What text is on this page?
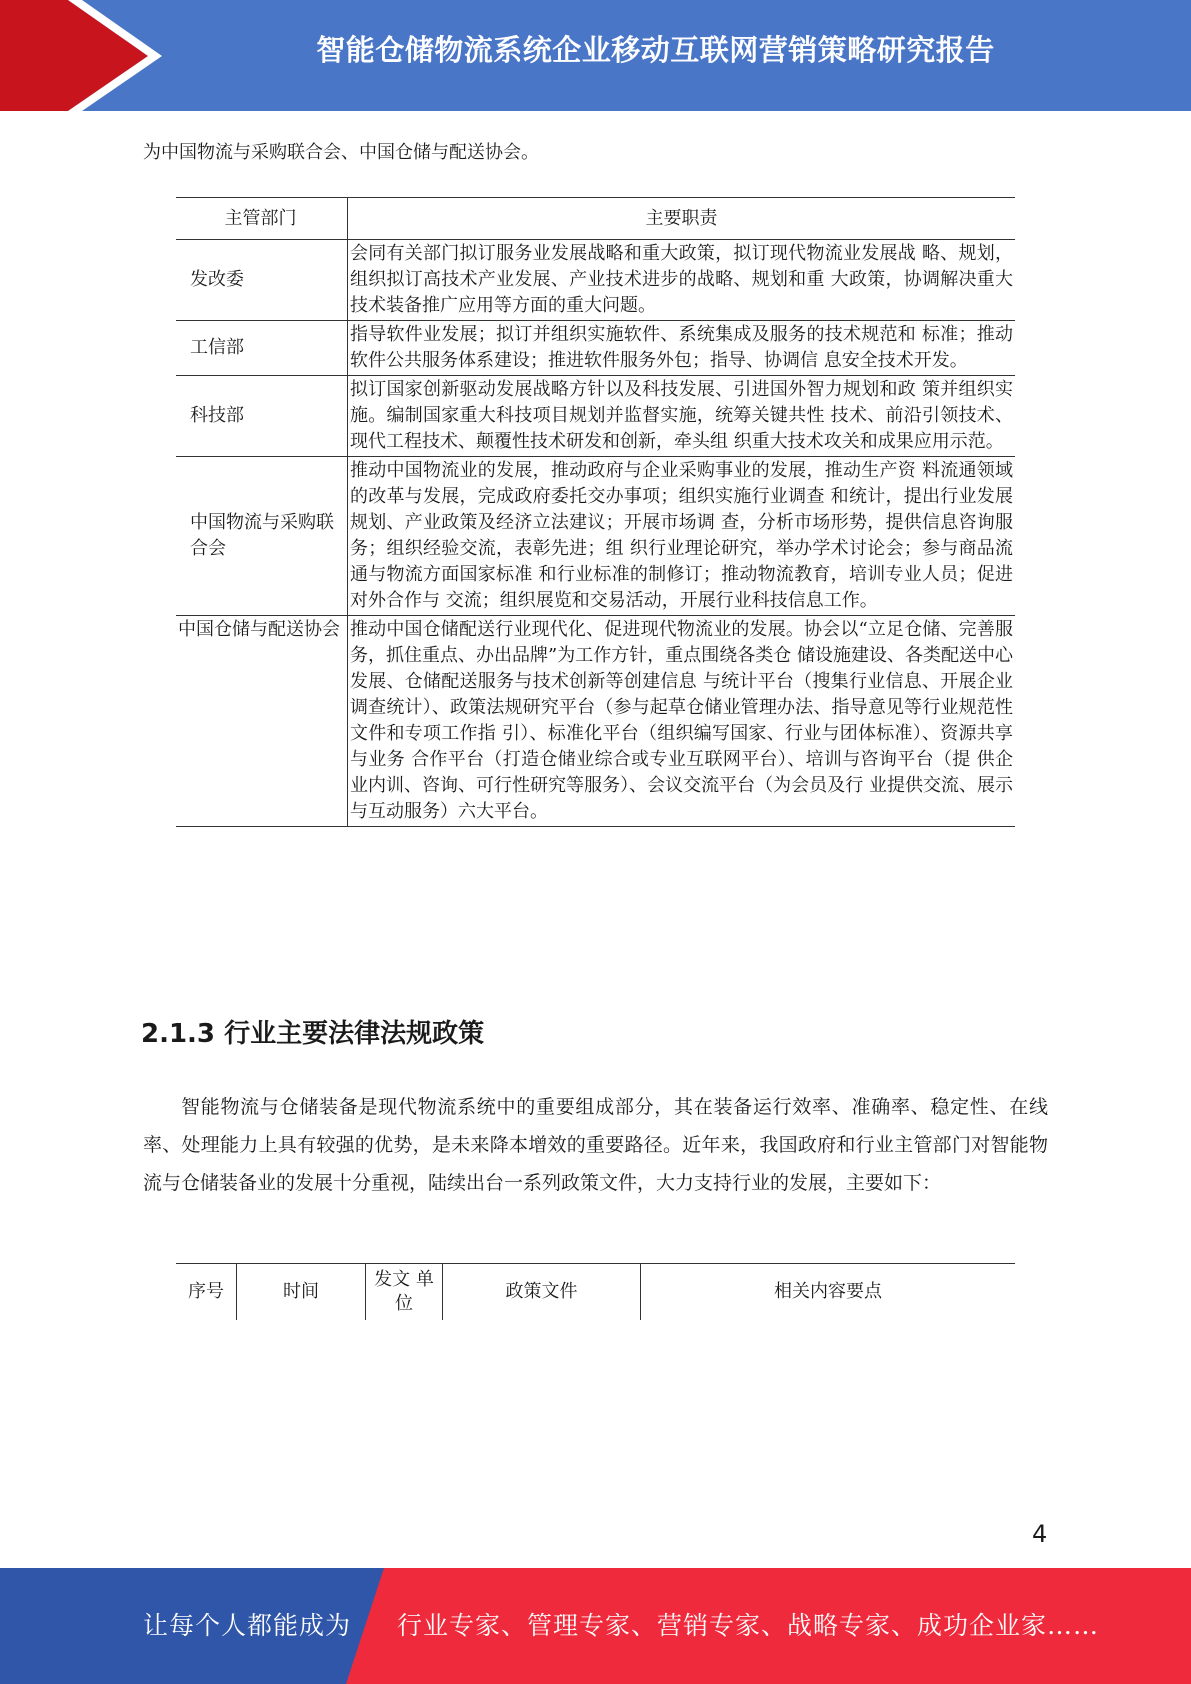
智能仓储物流系统企业移动互联网营销策略研究报告
为中国物流与采购联合会、中国仓储与配送协会。
主管部门	主要职责
发改委	会同有关部门拟订服务业发展战略和重大政策，拟订现代物流业发展战 略、规划，组织拟订高技术产业发展、产业技术进步的战略、规划和重 大政策，协调解决重大技术装备推广应用等方面的重大问题。
工信部	指导软件业发展；拟订并组织实施软件、系统集成及服务的技术规范和 标准；推动软件公共服务体系建设；推进软件服务外包；指导、协调信 息安全技术开发。
科技部	拟订国家创新驱动发展战略方针以及科技发展、引进国外智力规划和政 策并组织实施。编制国家重大科技项目规划并监督实施，统筹关键共性 技术、前沿引领技术、现代工程技术、颠覆性技术研发和创新，牵头组 织重大技术攻关和成果应用示范。
中国物流与采购联合会	推动中国物流业的发展，推动政府与企业采购事业的发展，推动生产资 料流通领域的改革与发展，完成政府委托交办事项；组织实施行业调查 和统计，提出行业发展规划、产业政策及经济立法建议；开展市场调 查，分析市场形势，提供信息咨询服务；组织经验交流，表彰先进；组 织行业理论研究，举办学术讨论会；参与商品流通与物流方面国家标准 和行业标准的制修订；推动物流教育，培训专业人员；促进对外合作与 交流；组织展览和交易活动，开展行业科技信息工作。
中国仓储与配送协会	推动中国仓储配送行业现代化、促进现代物流业的发展。协会以“立足仓储、完善服务，抓住重点、办出品牌”为工作方针，重点围绕各类仓 储设施建设、各类配送中心发展、仓储配送服务与技术创新等创建信息 与统计平台（搜集行业信息、开展企业调查统计）、政策法规研究平台（参与起草仓储业管理办法、指导意见等行业规范性文件和专项工作指 引）、标准化平台（组织编写国家、行业与团体标准）、资源共享与业务 合作平台（打造仓储业综合或专业互联网平台）、培训与咨询平台（提 供企业内训、咨询、可行性研究等服务）、会议交流平台（为会员及行 业提供交流、展示与互动服务）六大平台。
2.1.3 行业主要法律法规政策
智能物流与仓储装备是现代物流系统中的重要组成部分，其在装备运行效率、准确率、稳定性、在线率、处理能力上具有较强的优势，是未来降本增效的重要路径。近年来，我国政府和行业主管部门对智能物流与仓储装备业的发展十分重视，陆续出台一系列政策文件，大力支持行业的发展，主要如下：
序号	时间	发文 单位	政策文件	相关内容要点
4
让每个人都能成为 行业专家、管理专家、营销专家、战略专家、成功企业家……
